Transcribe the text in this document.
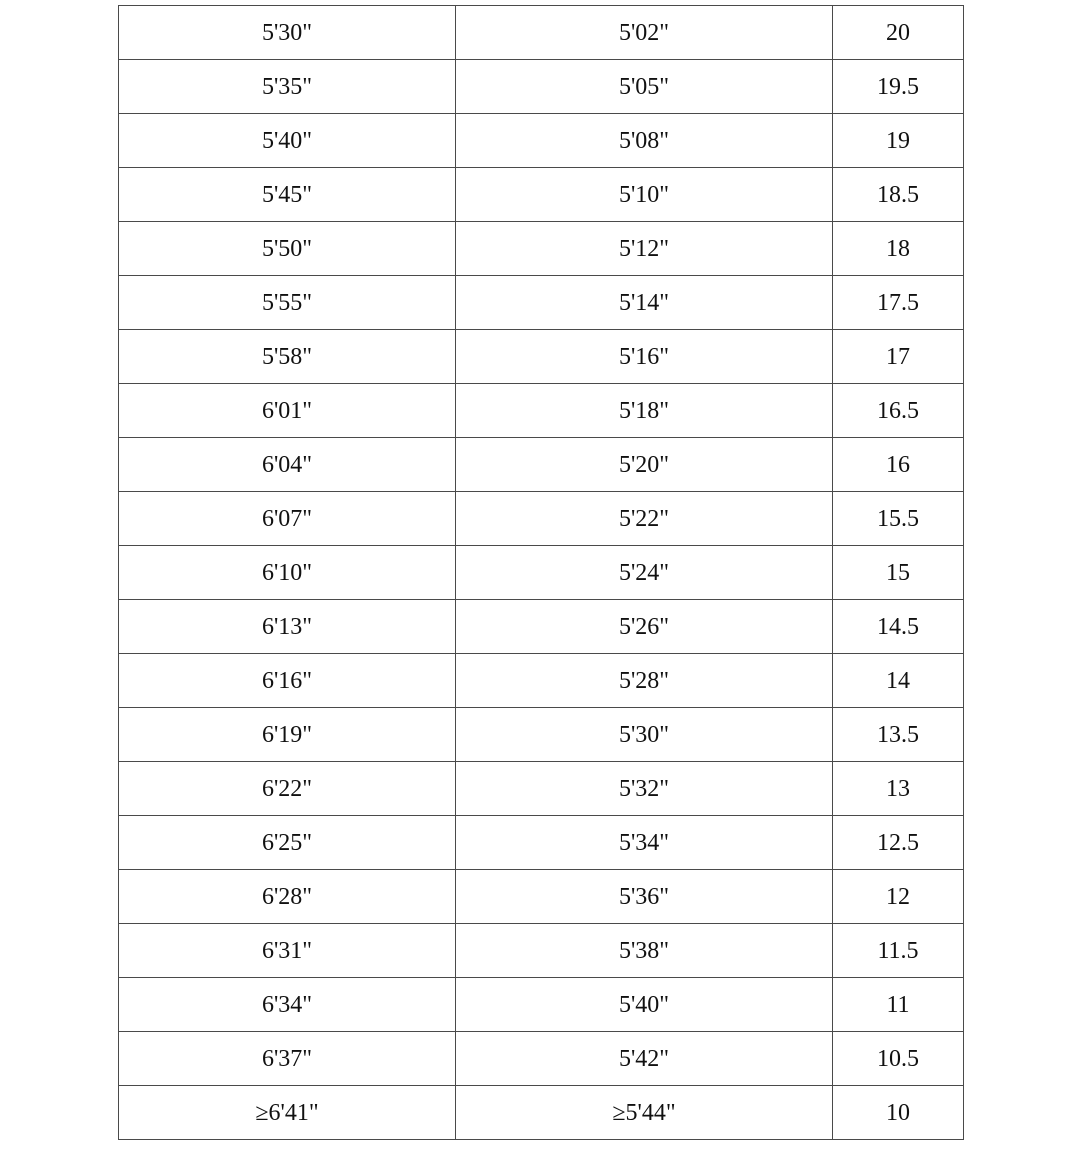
5'30"	5'02"	20
5'35"	5'05"	19.5
5'40"	5'08"	19
5'45"	5'10"	18.5
5'50"	5'12"	18
5'55"	5'14"	17.5
5'58"	5'16"	17
6'01"	5'18"	16.5
6'04"	5'20"	16
6'07"	5'22"	15.5
6'10"	5'24"	15
6'13"	5'26"	14.5
6'16"	5'28"	14
6'19"	5'30"	13.5
6'22"	5'32"	13
6'25"	5'34"	12.5
6'28"	5'36"	12
6'31"	5'38"	11.5
6'34"	5'40"	11
6'37"	5'42"	10.5
≥6'41"	≥5'44"	10
